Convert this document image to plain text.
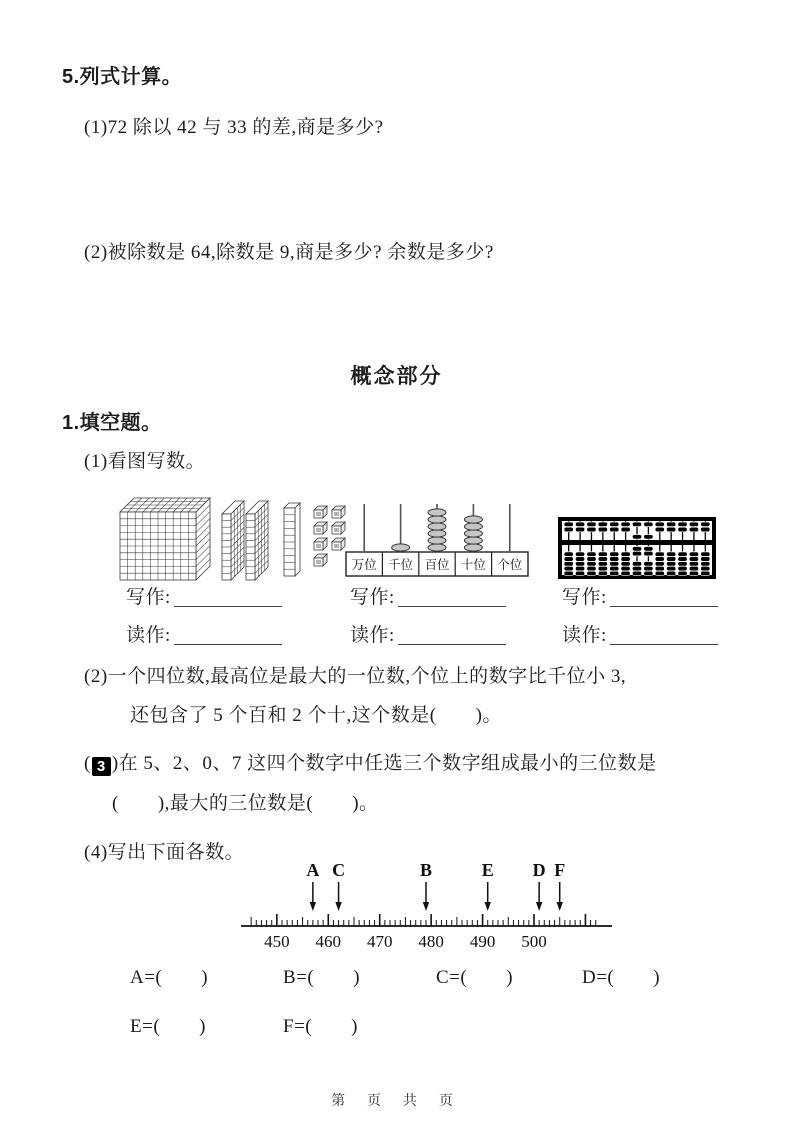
5.列式计算。
(1)72 除以 42 与 33 的差,商是多少?
(2)被除数是 64,除数是 9,商是多少? 余数是多少?
概念部分
1.填空题。
(1)看图写数。
万位 千位 百位 十位 个位
写作:	写作:	写作:
读作:	读作:	读作:
(2)一个四位数,最高位是最大的一位数,个位上的数字比千位小 3,
还包含了 5 个百和 2 个十,这个数是(　　)。
( 3 )在 5、2、0、7 这四个数字中任选三个数字组成最小的三位数是
(　　),最大的三位数是(　　)。
(4)写出下面各数。
450 460 470 480 490 500
A C	B	E D F
A=(　　)	B=(　　)	C=(　　)	D=(　　)
E=(　　)	F=(　　)
第 页 共 页
